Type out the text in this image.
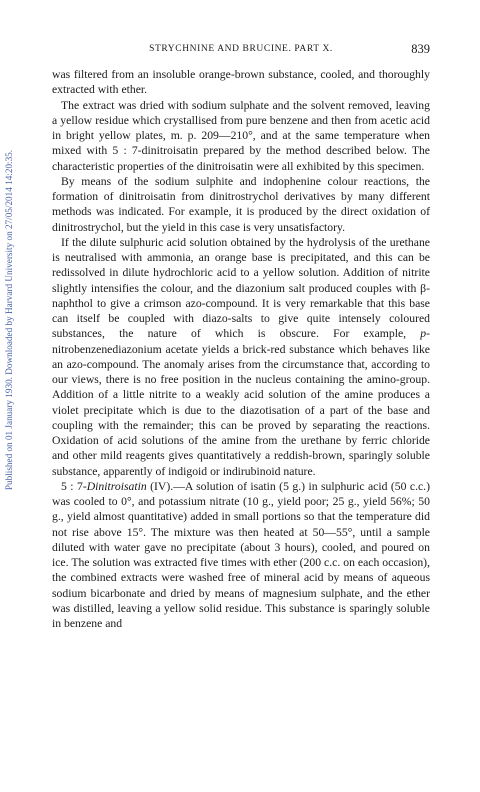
STRYCHNINE AND BRUCINE. PART X.	839
Published on 01 January 1930. Downloaded by Harvard University on 27/05/2014 14:20:35.

was filtered from an insoluble orange-brown substance, cooled, and thoroughly extracted with ether.

The extract was dried with sodium sulphate and the solvent removed, leaving a yellow residue which crystallised from pure benzene and then from acetic acid in bright yellow plates, m. p. 209—210°, and at the same temperature when mixed with 5 : 7-dinitroisatin prepared by the method described below. The characteristic properties of the dinitroisatin were all exhibited by this specimen.

By means of the sodium sulphite and indophenine colour reactions, the formation of dinitroisatin from dinitrostrychol derivatives by many different methods was indicated. For example, it is produced by the direct oxidation of dinitrostrychol, but the yield in this case is very unsatisfactory.

If the dilute sulphuric acid solution obtained by the hydrolysis of the urethane is neutralised with ammonia, an orange base is precipitated, and this can be redissolved in dilute hydrochloric acid to a yellow solution. Addition of nitrite slightly intensifies the colour, and the diazonium salt produced couples with β-naphthol to give a crimson azo-compound. It is very remarkable that this base can itself be coupled with diazo-salts to give quite intensely coloured substances, the nature of which is obscure. For example, p-nitrobenzenediazonium acetate yields a brick-red substance which behaves like an azo-compound. The anomaly arises from the circumstance that, according to our views, there is no free position in the nucleus containing the amino-group. Addition of a little nitrite to a weakly acid solution of the amine produces a violet precipitate which is due to the diazotisation of a part of the base and coupling with the remainder; this can be proved by separating the reactions. Oxidation of acid solutions of the amine from the urethane by ferric chloride and other mild reagents gives quantitatively a reddish-brown, sparingly soluble substance, apparently of indigoid or indirubinoid nature.

5 : 7-Dinitroisatin (IV).—A solution of isatin (5 g.) in sulphuric acid (50 c.c.) was cooled to 0°, and potassium nitrate (10 g., yield poor; 25 g., yield 56%; 50 g., yield almost quantitative) added in small portions so that the temperature did not rise above 15°. The mixture was then heated at 50—55°, until a sample diluted with water gave no precipitate (about 3 hours), cooled, and poured on ice. The solution was extracted five times with ether (200 c.c. on each occasion), the combined extracts were washed free of mineral acid by means of aqueous sodium bicarbonate and dried by means of magnesium sulphate, and the ether was distilled, leaving a yellow solid residue. This substance is sparingly soluble in benzene and
